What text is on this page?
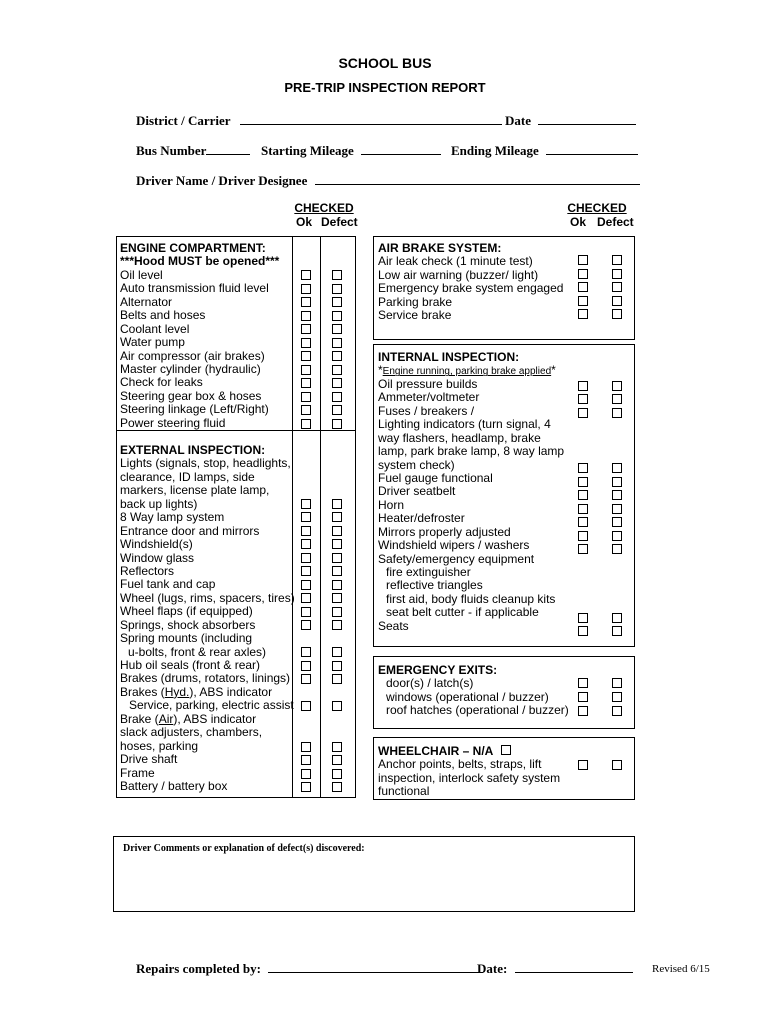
SCHOOL BUS
PRE-TRIP INSPECTION REPORT
District / Carrier	Date
Bus Number	Starting Mileage	Ending Mileage
Driver Name / Driver Designee
CHECKED
Ok Defect
CHECKED
Ok Defect
ENGINE COMPARTMENT:
***Hood MUST be opened***
Oil level
Auto transmission fluid level
Alternator
Belts and hoses
Coolant level
Water pump
Air compressor (air brakes)
Master cylinder (hydraulic)
Check for leaks
Steering gear box & hoses
Steering linkage (Left/Right)
Power steering fluid
EXTERNAL INSPECTION:
Lights (signals, stop, headlights,
clearance, ID lamps, side
markers, license plate lamp,
back up lights)
8 Way lamp system
Entrance door and mirrors
Windshield(s)
Window glass
Reflectors
Fuel tank and cap
Wheel (lugs, rims, spacers, tires)
Wheel flaps (if equipped)
Springs, shock absorbers
Spring mounts (including
u-bolts, front & rear axles)
Hub oil seals (front & rear)
Brakes (drums, rotators, linings)
Brakes (Hyd.), ABS indicator
Service, parking, electric assist
Brake (Air), ABS indicator
slack adjusters, chambers,
hoses, parking
Drive shaft
Frame
Battery / battery box
AIR BRAKE SYSTEM:
Air leak check (1 minute test)
Low air warning (buzzer/ light)
Emergency brake system engaged
Parking brake
Service brake
INTERNAL INSPECTION:
*Engine running, parking brake applied*
Oil pressure builds
Ammeter/voltmeter
Fuses / breakers /
Lighting indicators (turn signal, 4
way flashers, headlamp, brake
lamp, park brake lamp, 8 way lamp
system check)
Fuel gauge functional
Driver seatbelt
Horn
Heater/defroster
Mirrors properly adjusted
Windshield wipers / washers
Safety/emergency equipment
fire extinguisher
reflective triangles
first aid, body fluids cleanup kits
seat belt cutter - if applicable
Seats
EMERGENCY EXITS:
door(s) / latch(s)
windows (operational / buzzer)
roof hatches (operational / buzzer)
WHEELCHAIR – N/A
Anchor points, belts, straps, lift
inspection, interlock safety system
functional
Driver Comments or explanation of defect(s) discovered:
Repairs completed by:	Date:	Revised 6/15
